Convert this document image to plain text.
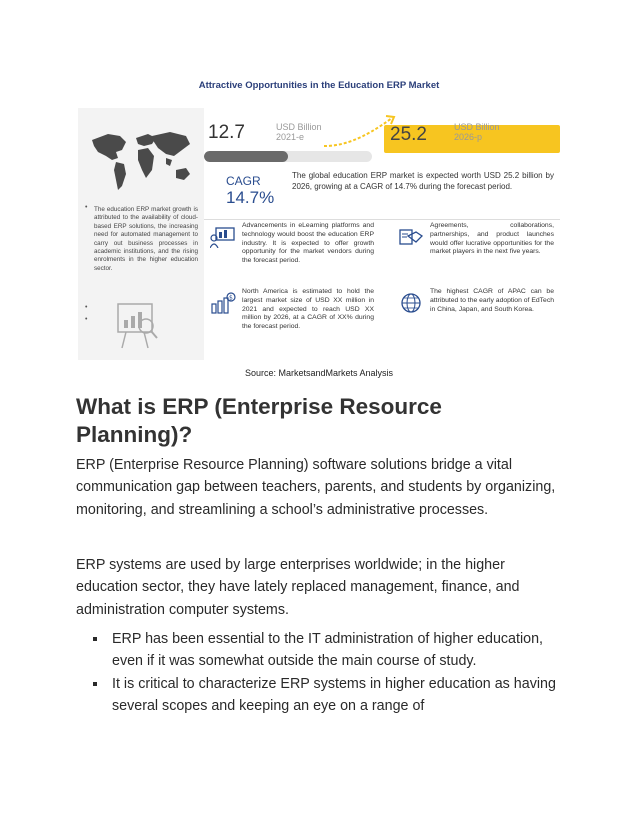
Attractive Opportunities in the Education ERP Market
•	The education ERP market growth is attributed to the availability of cloud-based ERP solutions, the increasing need for automated management to carry out business processes in academic institutions, and the rising enrolments in the higher education sector.
•
•
12.7	USD Billion
2021-e	25.2	USD Billion
2026-p
CAGR
14.7%
The global education ERP market is expected worth USD 25.2 billion by 2026, growing at a CAGR of 14.7% during the forecast period.
Advancements in eLearning platforms and technology would boost the education ERP industry. It is expected to offer growth opportunity for the market vendors during the forecast period.
Agreements, collaborations, partnerships, and product launches would offer lucrative opportunities for the market players in the next five years.
$
North America is estimated to hold the largest market size of USD XX million in 2021 and expected to reach USD XX million by 2026, at a CAGR of XX% during the forecast period.
The highest CAGR of APAC can be attributed to the early adoption of EdTech in China, Japan, and South Korea.
Source: MarketsandMarkets Analysis
What is ERP (Enterprise Resource Planning)?

ERP (Enterprise Resource Planning) software solutions bridge a vital communication gap between teachers, parents, and students by organizing, monitoring, and streamlining a school’s administrative processes.

ERP systems are used by large enterprises worldwide; in the higher education sector, they have lately replaced management, finance, and administration computer systems.

ERP has been essential to the IT administration of higher education, even if it was somewhat outside the main course of study.
It is critical to characterize ERP systems in higher education as having several scopes and keeping an eye on a range of
